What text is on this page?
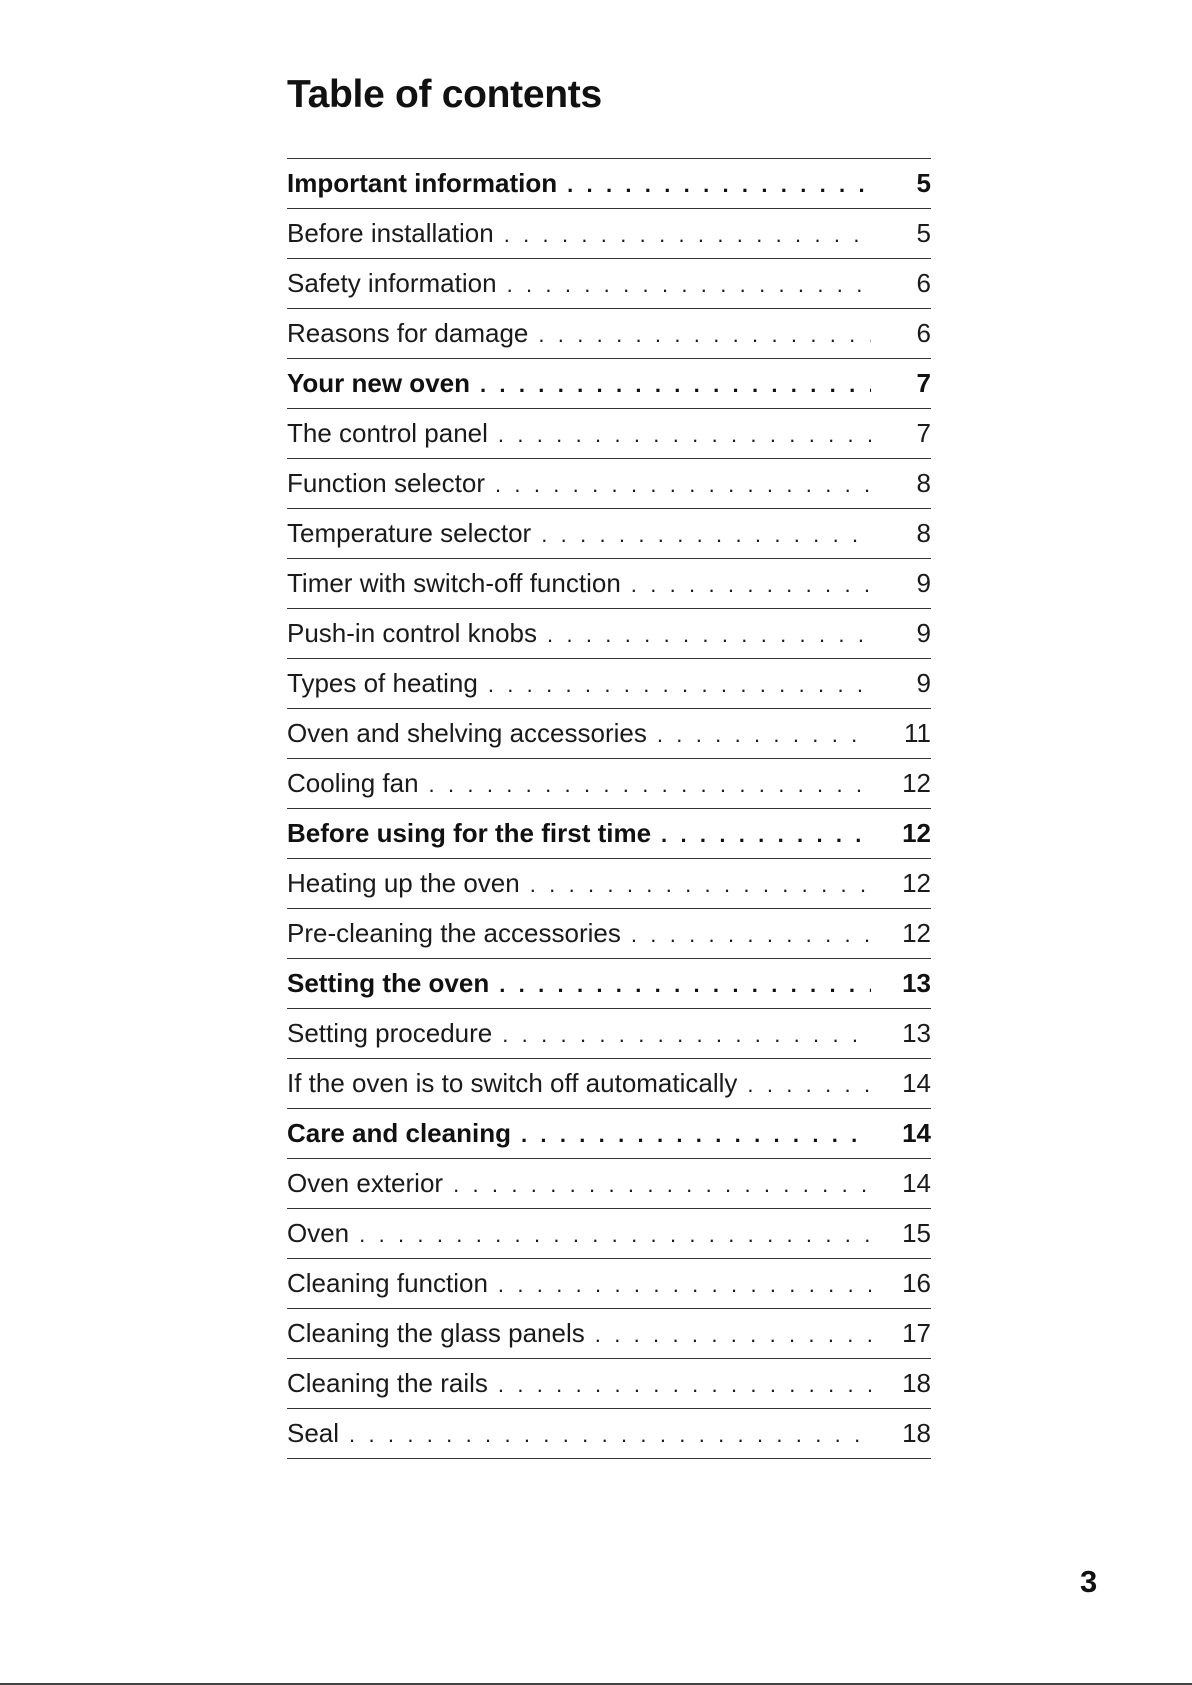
Table of contents
Important information . . .	5
Before installation . . .	5
Safety information . . .	6
Reasons for damage . . .	6
Your new oven . . .	7
The control panel . . .	7
Function selector . . .	8
Temperature selector . . .	8
Timer with switch-off function . . .	9
Push-in control knobs . . .	9
Types of heating . . .	9
Oven and shelving accessories . . .	11
Cooling fan . . .	12
Before using for the first time . . .	12
Heating up the oven . . .	12
Pre-cleaning the accessories . . .	12
Setting the oven . . .	13
Setting procedure . . .	13
If the oven is to switch off automatically . . .	14
Care and cleaning . . .	14
Oven exterior . . .	14
Oven . . .	15
Cleaning function . . .	16
Cleaning the glass panels . . .	17
Cleaning the rails . . .	18
Seal . . .	18
3
